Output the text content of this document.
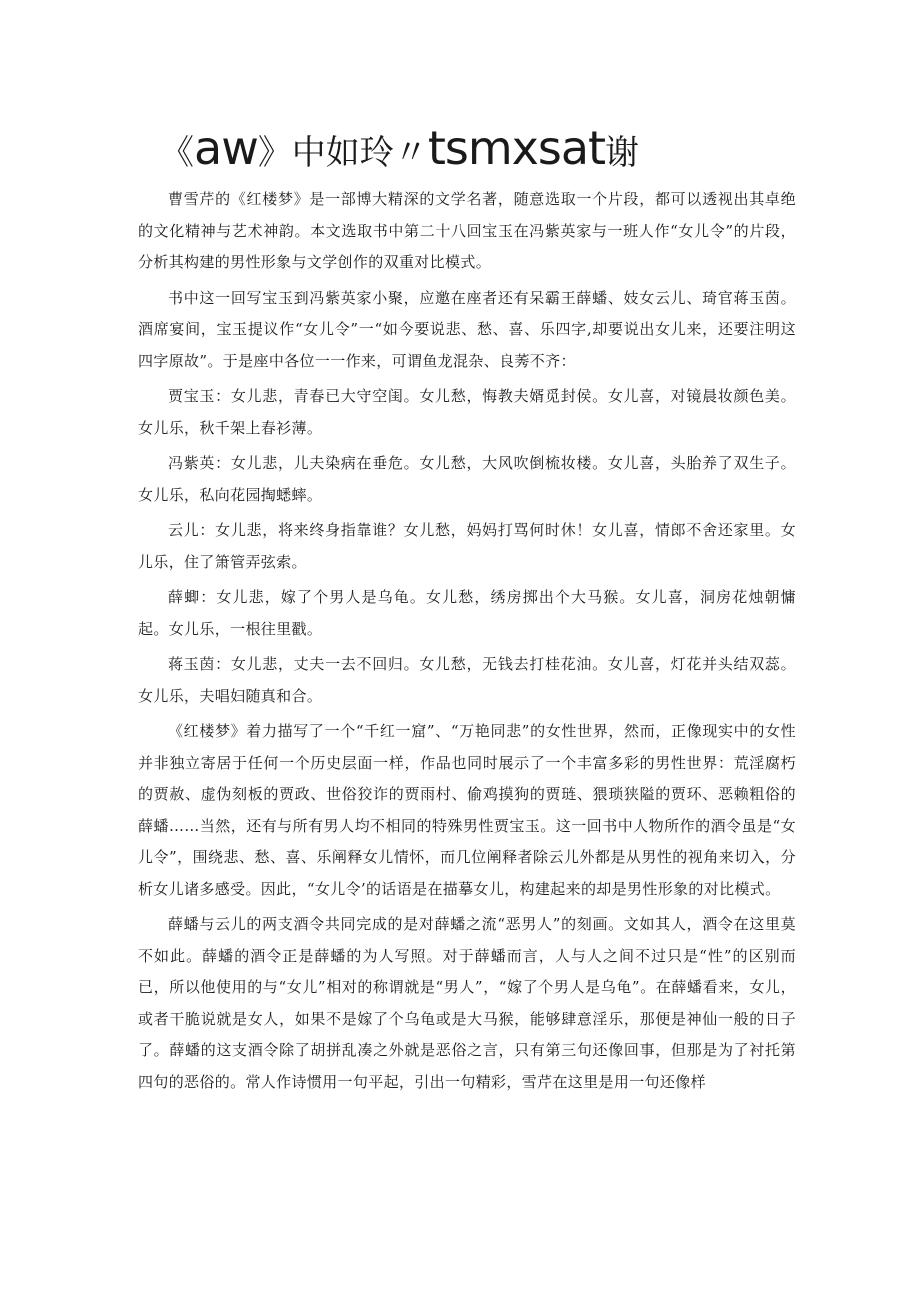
《aw》中如玲〃tsmxsat谢

曹雪芹的《红楼梦》是一部博大精深的文学名著，随意选取一个片段，都可以透视出其卓绝的文化精神与艺术神韵。本文选取书中第二十八回宝玉在冯紫英家与一班人作“女儿令”的片段，分析其构建的男性形象与文学创作的双重对比模式。

书中这一回写宝玉到冯紫英家小聚，应邀在座者还有呆霸王薛蟠、妓女云儿、琦官蒋玉茵。酒席宴间，宝玉提议作“女儿令”一“如今要说悲、愁、喜、乐四字,却要说出女儿来，还要注明这四字原故”。于是座中各位一一作来，可谓鱼龙混杂、良莠不齐：

贾宝玉：女儿悲，青春已大守空闺。女儿愁，悔教夫婿觅封侯。女儿喜，对镜晨妆颜色美。女儿乐，秋千架上春衫薄。

冯紫英：女儿悲，儿夫染病在垂危。女儿愁，大风吹倒梳妆楼。女儿喜，头胎养了双生子。女儿乐，私向花园掏蟋蟀。

云儿：女儿悲，将来终身指靠谁？女儿愁，妈妈打骂何时休！女儿喜，情郎不舍还家里。女儿乐，住了箫管弄弦索。

薛蝍：女儿悲，嫁了个男人是乌龟。女儿愁，绣房掷出个大马猴。女儿喜，洞房花烛朝慵起。女儿乐，一根往里戳。

蒋玉茵：女儿悲，丈夫一去不回归。女儿愁，无钱去打桂花油。女儿喜，灯花并头结双蕊。女儿乐，夫唱妇随真和合。

《红楼梦》着力描写了一个“千红一窟”、“万艳同悲”的女性世界，然而，正像现实中的女性并非独立寄居于任何一个历史层面一样，作品也同时展示了一个丰富多彩的男性世界：荒淫腐朽的贾赦、虚伪刻板的贾政、世俗狡诈的贾雨村、偷鸡摸狗的贾琏、猥琐狭隘的贾环、恶赖粗俗的薛蟠……当然，还有与所有男人均不相同的特殊男性贾宝玉。这一回书中人物所作的酒令虽是“女儿令”，围绕悲、愁、喜、乐阐释女儿情怀，而几位阐释者除云儿外都是从男性的视角来切入，分析女儿诸多感受。因此，“女儿令’的话语是在描摹女儿，构建起来的却是男性形象的对比模式。

薛蟠与云儿的两支酒令共同完成的是对薛蟠之流“恶男人”的刻画。文如其人，酒令在这里莫不如此。薛蟠的酒令正是薛蟠的为人写照。对于薛蟠而言，人与人之间不过只是“性”的区别而已，所以他使用的与“女儿”相对的称谓就是“男人”，“嫁了个男人是乌龟”。在薛蟠看来，女儿，或者干脆说就是女人，如果不是嫁了个乌龟或是大马猴，能够肆意淫乐，那便是神仙一般的日子了。薛蟠的这支酒令除了胡拼乱凑之外就是恶俗之言，只有第三句还像回事，但那是为了衬托第四句的恶俗的。常人作诗惯用一句平起，引出一句精彩，雪芹在这里是用一句还像样
